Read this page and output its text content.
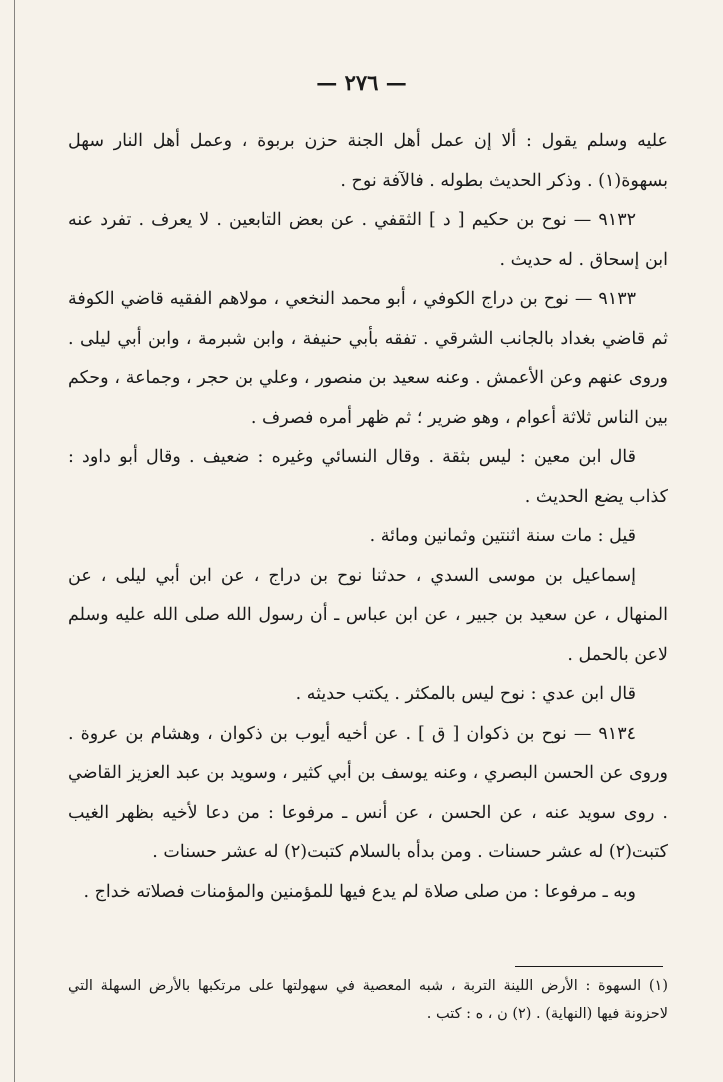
— ٢٧٦ —

عليه وسلم يقول : ألا إن عمل أهل الجنة حزن بربوة ، وعمل أهل النار سهل بسهوة(١) . وذكر الحديث بطوله . فالآفة نوح .

٩١٣٢ — نوح بن حكيم [ د ] الثقفي . عن بعض التابعين . لا يعرف . تفرد عنه ابن إسحاق . له حديث .

٩١٣٣ — نوح بن دراج الكوفي ، أبو محمد النخعي ، مولاهم الفقيه قاضي الكوفة ثم قاضي بغداد بالجانب الشرقي . تفقه بأبي حنيفة ، وابن شبرمة ، وابن أبي ليلى . وروى عنهم وعن الأعمش . وعنه سعيد بن منصور ، وعلي بن حجر ، وجماعة ، وحكم بين الناس ثلاثة أعوام ، وهو ضرير ؛ ثم ظهر أمره فصرف .

قال ابن معين : ليس بثقة . وقال النسائي وغيره : ضعيف . وقال أبو داود : كذاب يضع الحديث .

قيل : مات سنة اثنتين وثمانين ومائة .

إسماعيل بن موسى السدي ، حدثنا نوح بن دراج ، عن ابن أبي ليلى ، عن المنهال ، عن سعيد بن جبير ، عن ابن عباس ـ أن رسول الله صلى الله عليه وسلم لاعن بالحمل .

قال ابن عدي : نوح ليس بالمكثر . يكتب حديثه .

٩١٣٤ — نوح بن ذكوان [ ق ] . عن أخيه أيوب بن ذكوان ، وهشام بن عروة . وروى عن الحسن البصري ، وعنه يوسف بن أبي كثير ، وسويد بن عبد العزيز القاضي . روى سويد عنه ، عن الحسن ، عن أنس ـ مرفوعا : من دعا لأخيه بظهر الغيب كتبت(٢) له عشر حسنات . ومن بدأه بالسلام كتبت(٢) له عشر حسنات .

وبه ـ مرفوعا : من صلى صلاة لم يدع فيها للمؤمنين والمؤمنات فصلاته خداج .

(١) السهوة : الأرض اللينة التربة ، شبه المعصية في سهولتها على مرتكبها بالأرض السهلة التي لاحزونة فيها (النهاية) . (٢) ن ، ه : كتب .
